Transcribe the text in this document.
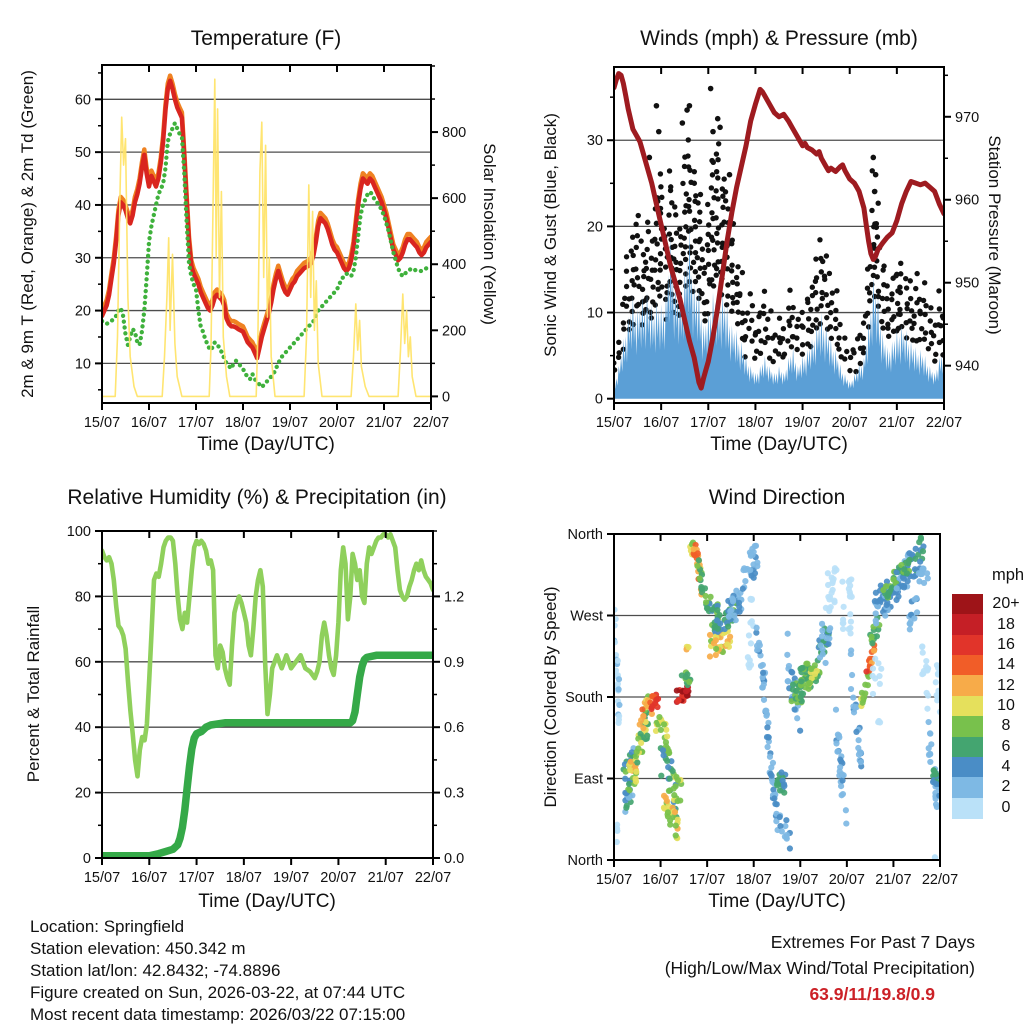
15/07 16/07 17/07 18/07 19/07 20/07 21/07 22/07
10
20
30
40
50
60
0
200
400
600
800
15/07 16/07 17/07 18/07 19/07 20/07 21/07 22/07
0
10
20
30
940
950
960
970
15/07 16/07 17/07 18/07 19/07 20/07 21/07 22/07
0
20
40
60
80
100
0.0
0.3
0.6
0.9
1.2
15/07 16/07 17/07 18/07 19/07 20/07 21/07 22/07
North
East
South
West
North
Temperature (F)	Winds (mph) & Pressure (mb)
Relative Humidity (%) & Precipitation (in)	Wind Direction
Time (Day/UTC)	Time (Day/UTC)
Time (Day/UTC)	Time (Day/UTC)
2m & 9m T (Red, Orange) & 2m Td (Green)	Solar Insolation (Yellow) Sonic Wind & Gust (Blue, Black)	Station Pressure (Maroon)
Percent & Total Rainfall	Direction (Colored By Speed)
mph
20+
18
16
14
12
10
8
6
4
2
0
Location: Springfield
Station elevation: 450.342 m
Station lat/lon: 42.8432; -74.8896
Figure created on Sun, 2026-03-22, at 07:44 UTC
Most recent data timestamp: 2026/03/22 07:15:00
Extremes For Past 7 Days
(High/Low/Max Wind/Total Precipitation)
63.9/11/19.8/0.9
